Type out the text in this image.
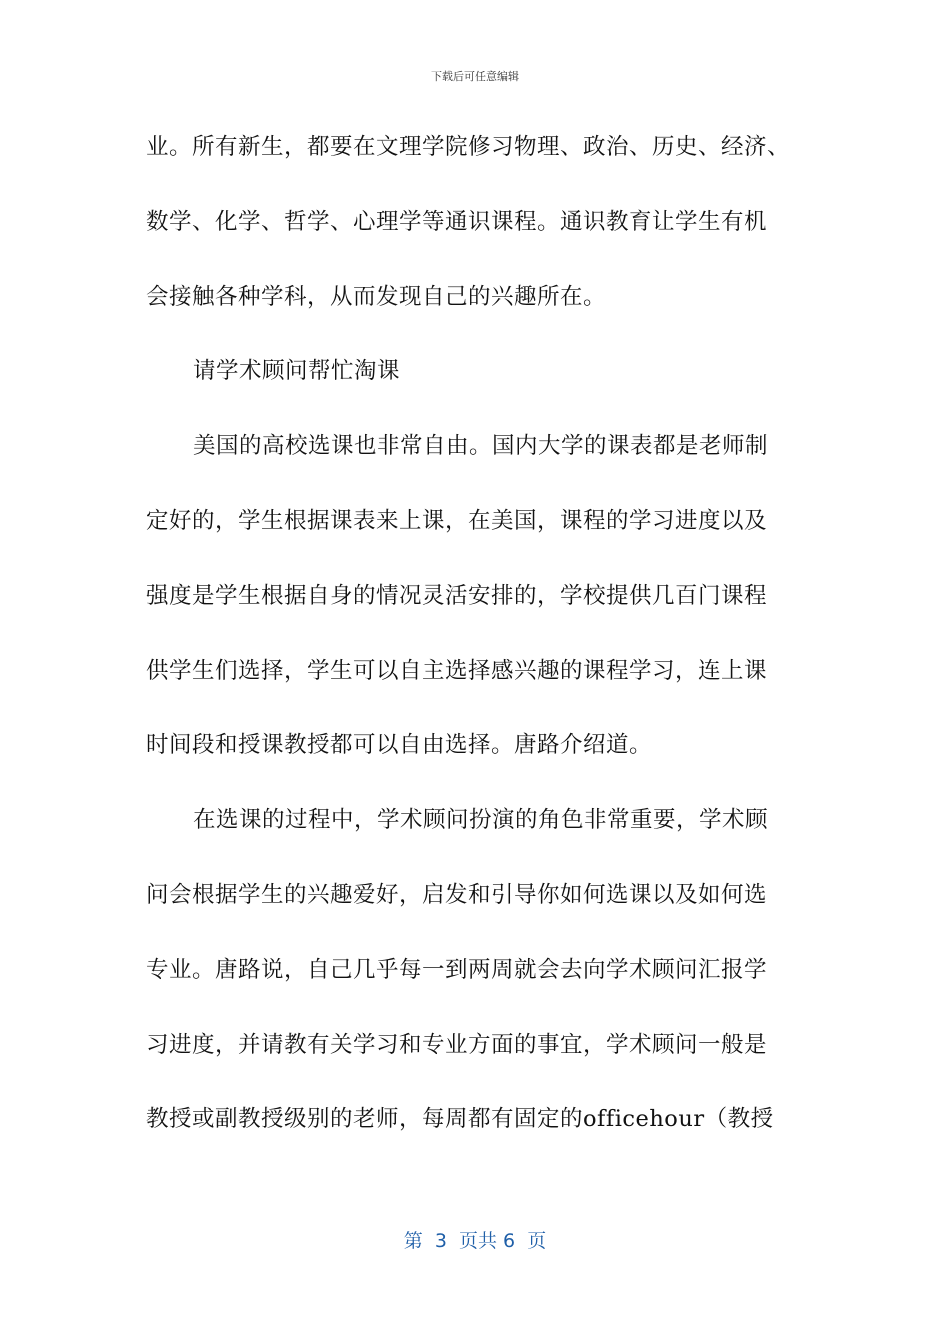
下载后可任意编辑
业。所有新生，都要在文理学院修习物理、政治、历史、经济、
数学、化学、哲学、心理学等通识课程。通识教育让学生有机
会接触各种学科，从而发现自己的兴趣所在。
请学术顾问帮忙淘课
美国的高校选课也非常自由。国内大学的课表都是老师制
定好的，学生根据课表来上课，在美国，课程的学习进度以及
强度是学生根据自身的情况灵活安排的，学校提供几百门课程
供学生们选择，学生可以自主选择感兴趣的课程学习，连上课
时间段和授课教授都可以自由选择。唐路介绍道。
在选课的过程中，学术顾问扮演的角色非常重要，学术顾
问会根据学生的兴趣爱好，启发和引导你如何选课以及如何选
专业。唐路说，自己几乎每一到两周就会去向学术顾问汇报学
习进度，并请教有关学习和专业方面的事宜，学术顾问一般是
教授或副教授级别的老师，每周都有固定的officehour（教授
第  3  页共 6  页
